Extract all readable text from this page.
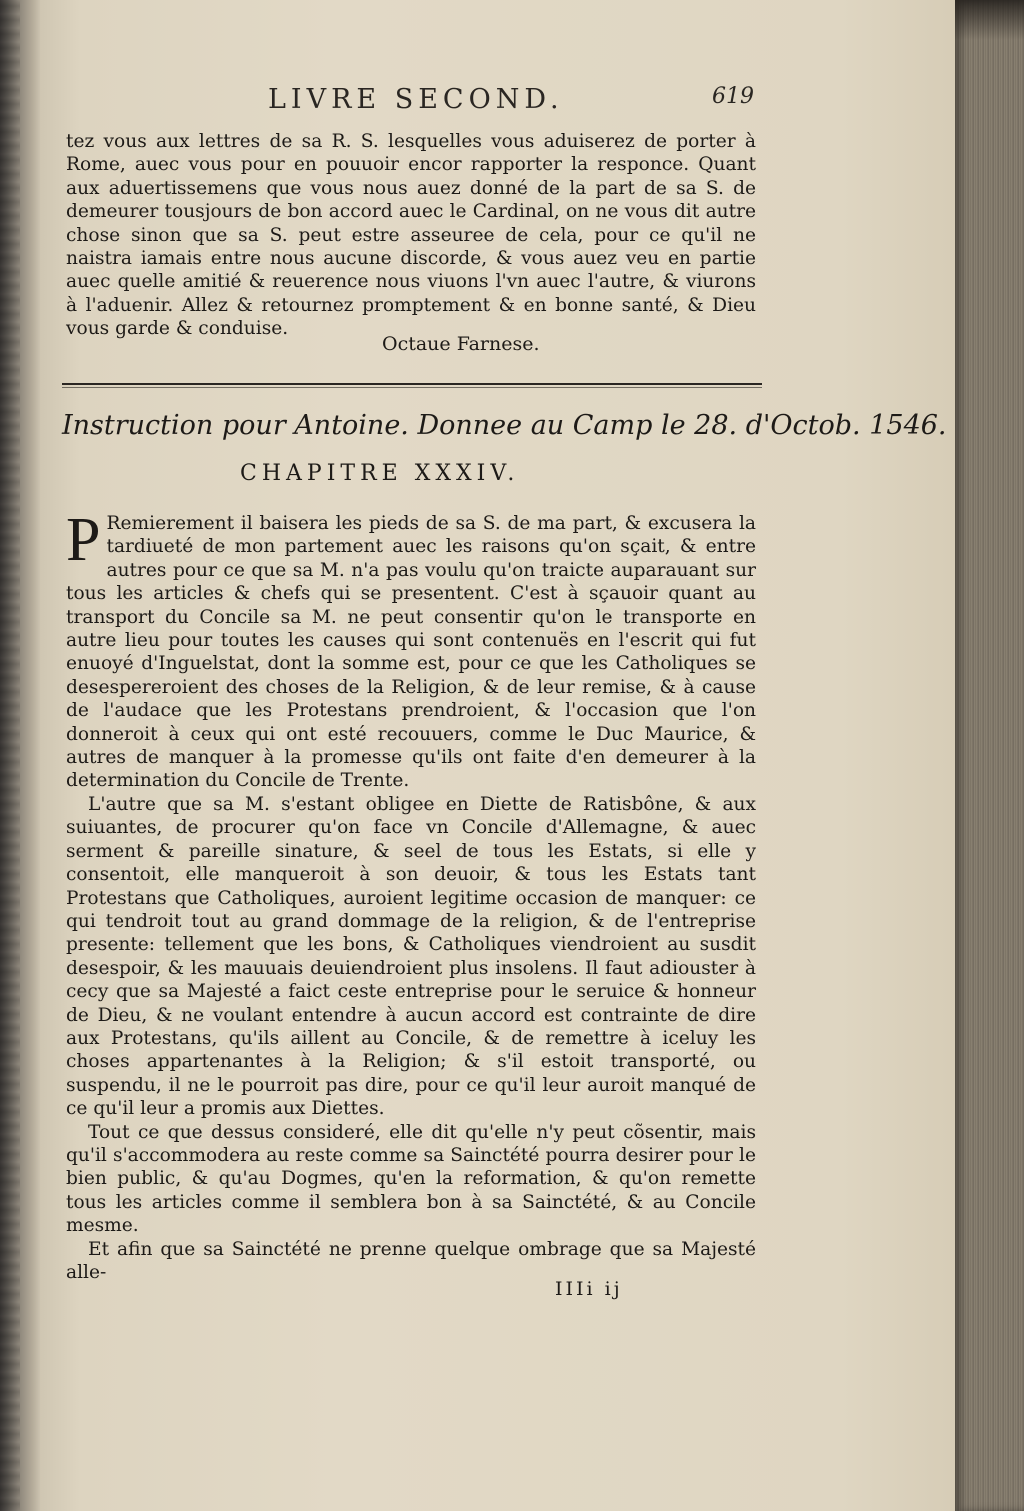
LIVRE SECOND.	619

tez vous aux lettres de sa R. S. lesquelles vous aduiserez de porter à Rome, auec vous pour en pouuoir encor rapporter la responce. Quant aux aduertissemens que vous nous auez donné de la part de sa S. de demeurer tousjours de bon accord auec le Cardinal, on ne vous dit autre chose sinon que sa S. peut estre asseuree de cela, pour ce qu'il ne naistra iamais entre nous aucune discorde, & vous auez veu en partie auec quelle amitié & reuerence nous viuons l'vn auec l'autre, & viurons à l'aduenir. Allez & retournez promptement & en bonne santé, & Dieu vous garde & conduise.

Octaue Farnese.
Instruction pour Antoine. Donnee au Camp le 28. d'Octob. 1546.
CHAPITRE XXXIV.

P Remierement il baisera les pieds de sa S. de ma part, & excusera la tardiueté de mon partement auec les raisons qu'on sçait, & entre autres pour ce que sa M. n'a pas voulu qu'on traicte auparauant sur tous les articles & chefs qui se presentent. C'est à sçauoir quant au transport du Concile sa M. ne peut consentir qu'on le transporte en autre lieu pour toutes les causes qui sont contenuës en l'escrit qui fut enuoyé d'Inguelstat, dont la somme est, pour ce que les Catholiques se desespereroient des choses de la Religion, & de leur remise, & à cause de l'audace que les Protestans prendroient, & l'occasion que l'on donneroit à ceux qui ont esté recouuers, comme le Duc Maurice, & autres de manquer à la promesse qu'ils ont faite d'en demeurer à la determination du Concile de Trente.

L'autre que sa M. s'estant obligee en Diette de Ratisbône, & aux suiuantes, de procurer qu'on face vn Concile d'Allemagne, & auec serment & pareille sinature, & seel de tous les Estats, si elle y consentoit, elle manqueroit à son deuoir, & tous les Estats tant Protestans que Catholiques, auroient legitime occasion de manquer: ce qui tendroit tout au grand dommage de la religion, & de l'entreprise presente: tellement que les bons, & Catholiques viendroient au susdit desespoir, & les mauuais deuiendroient plus insolens. Il faut adiouster à cecy que sa Majesté a faict ceste entreprise pour le seruice & honneur de Dieu, & ne voulant entendre à aucun accord est contrainte de dire aux Protestans, qu'ils aillent au Concile, & de remettre à iceluy les choses appartenantes à la Religion; & s'il estoit transporté, ou suspendu, il ne le pourroit pas dire, pour ce qu'il leur auroit manqué de ce qu'il leur a promis aux Diettes.

Tout ce que dessus consideré, elle dit qu'elle n'y peut cõsentir, mais qu'il s'accommodera au reste comme sa Sainctété pourra desirer pour le bien public, & qu'au Dogmes, qu'en la reformation, & qu'on remette tous les articles comme il semblera bon à sa Sainctété, & au Concile mesme.

Et afin que sa Sainctété ne prenne quelque ombrage que sa Majesté alle-

IIIi ij
